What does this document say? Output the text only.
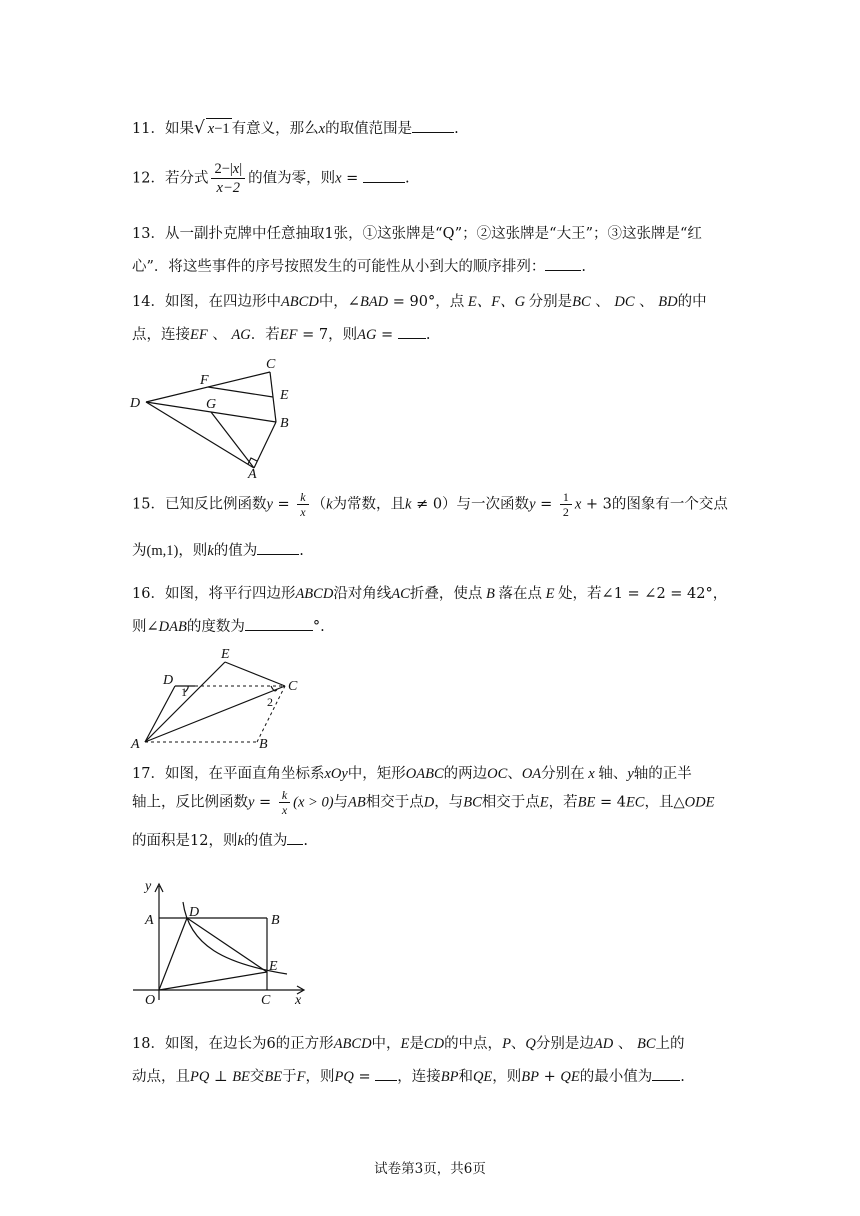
11．如果√ x−1 有意义，那么x的取值范围是	.
12．若分式 $\frac{2-|x|}{x-2}$ 的值为零，则x =	.
13．从一副扑克牌中任意抽取1张，①这张牌是“Q”；②这张牌是“大王”；③这张牌是“红
心”．将这些事件的序号按照发生的可能性从小到大的顺序排列： .
14．如图，在四边形中ABCD中，∠BAD = 90°，点 E、F、G 分别是BC 、 DC 、 BD的中
点，连接EF 、 AG．若EF = 7，则AG = .
C
F
E
D	G
B
A
15．已知反比例函数$y = \frac{k}{x} (k$为常数，且k ≠ 0）与一次函数$y = \frac{1}{2}$ x + 3的图象有一个交点
为(m,1)，则k的值为	.
16．如图，将平行四边形ABCD沿对角线AC折叠，使点 B 落在点 E 处，若∠1 = ∠2 = 42°，
则∠DAB的度数为	°.
E
D	C
A	B
1
2
17．如图，在平面直角坐标系xOy中，矩形OABC的两边OC、OA分别在 x 轴、y轴的正半
轴上，反比例函数$y = \frac{k}{x} (x > 0)$与AB相交于点D，与BC相交于点E，若BE = 4EC，且△ODE
的面积是12，则k的值为 .
y
A
D
B
E
O	C x
18．如图，在边长为6的正方形ABCD中，E是CD的中点，P、Q分别是边AD 、 BC上的
动点，且PQ ⊥ BE交BE于F，则PQ = ，连接BP和QE，则BP + QE的最小值为 .
试卷第3页，共6页
